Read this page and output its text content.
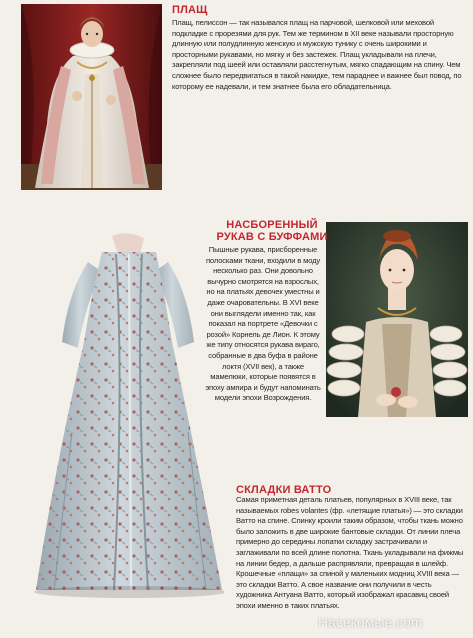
ПЛАЩ
Плащ, пелиссон — так назывался плащ на парчовой, шелковой или меховой подкладке с прорезями для рук. Тем же термином в XII веке называли просторную длинную или полудлинную женскую и мужскую тунику с очень широкими и просторными рукавами, но мягку и без застежек. Плащ укладывали на плечи, закрепляли под шеей или оставляли расстегнутым, мягко спадающим на спину. Чем сложнее было передвигаться в такой накидке, тем параднее и важнее был повод, по которому ее надевали, и тем знатнее была его обладательница.
НАСБОРЕННЫЙ
РУКАВ С БУФФАМИ
Пышные рукава, присборенные полосками ткани, входили в моду несколько раз. Они довольно вычурно смотрятся на взрослых, но на платьях девочек уместны и даже очаровательны. В XVI веке они выглядели именно так, как показал на портрете «Девочки с розой» Корнель де Лион. К этому же типу относятся рукава вирaго, собранные в два буфа в районе локтя (XVII век), а также мамелюки, которые появятся в эпоху ампира и будут напоминать модели эпохи Возрождения.
СКЛАДКИ ВАТТО
Самая приметная деталь платьев, популярных в XVIII веке, так называемых robes volantes (фр. «летящие платья») — это складки Ватто на спине. Спинку кроили таким образом, чтобы ткань можно было заложить в две широкие бантовые складки. От линии плеча примерно до середины лопатки складку застрачивали и заглаживали по всей длине полотна. Ткань укладывали на фижмы на линии бедер, а дальше распрявляли, превращая в шлейф. Крошечные «плащи» за спиной у маленьких модниц XVIII века — это складки Ватто. А свое название они получили в честь художника Антуана Ватто, который изображал красавиц своей эпохи именно в таких платьях.
Насекомые.com
